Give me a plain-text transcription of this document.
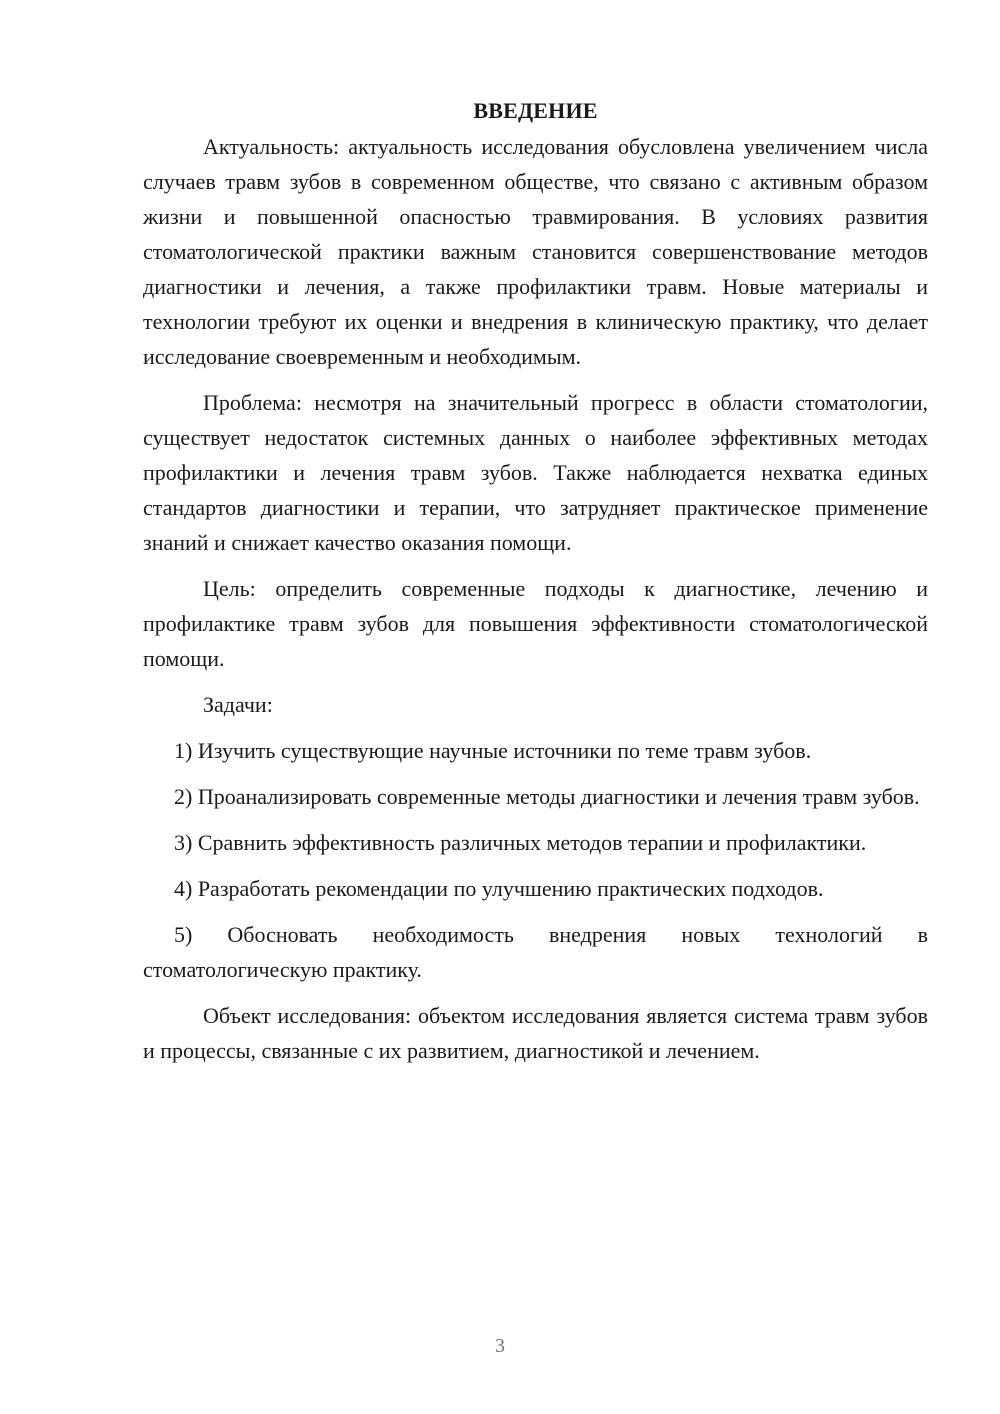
ВВЕДЕНИЕ

Актуальность: актуальность исследования обусловлена увеличением числа случаев травм зубов в современном обществе, что связано с активным образом жизни и повышенной опасностью травмирования. В условиях развития стоматологической практики важным становится совершенствование методов диагностики и лечения, а также профилактики травм. Новые материалы и технологии требуют их оценки и внедрения в клиническую практику, что делает исследование своевременным и необходимым.

Проблема: несмотря на значительный прогресс в области стоматологии, существует недостаток системных данных о наиболее эффективных методах профилактики и лечения травм зубов. Также наблюдается нехватка единых стандартов диагностики и терапии, что затрудняет практическое применение знаний и снижает качество оказания помощи.

Цель: определить современные подходы к диагностике, лечению и профилактике травм зубов для повышения эффективности стоматологической помощи.

Задачи:

1) Изучить существующие научные источники по теме травм зубов.

2) Проанализировать современные методы диагностики и лечения травм зубов.

3) Сравнить эффективность различных методов терапии и профилактики.

4) Разработать рекомендации по улучшению практических подходов.

5) Обосновать необходимость внедрения новых технологий в стоматологическую практику.

Объект исследования: объектом исследования является система травм зубов и процессы, связанные с их развитием, диагностикой и лечением.

3
